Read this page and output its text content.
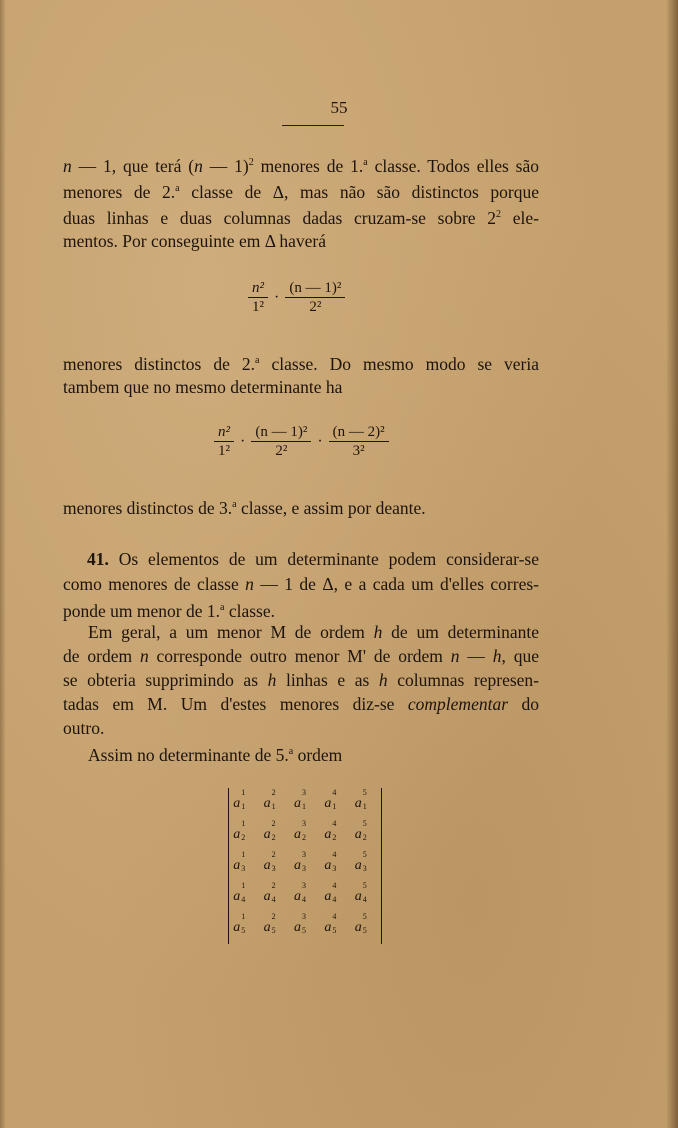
55
n — 1, que terá (n — 1)$^2$ menores de 1.$^a$ classe. Todos elles são
menores de 2.$^a$ classe de Δ, mas não são distinctos porque
duas linhas e duas columnas dadas cruzam-se sobre $2^2$ ele-
mentos. Por conseguinte em Δ haverá
$\frac{\text{n²}}{\text{1²}} \cdot \frac{\text{(n — 1)²}}{\text{2²}}$
menores distinctos de 2.$^a$ classe. Do mesmo modo se veria
tambem que no mesmo determinante ha
$\frac{\text{n²}}{\text{1²}} \cdot \frac{\text{(n — 1)²}}{\text{2²}} \cdot \frac{\text{(n — 2)²}}{\text{3²}}$
menores distinctos de 3.$^a$ classe, e assim por deante.
41. Os elementos de um determinante podem considerar-se
como menores de classe n — 1 de Δ, e a cada um d'elles corres-
ponde um menor de 1.$^a$ classe.
Em geral, a um menor M de ordem h de um determinante
de ordem n corresponde outro menor M' de ordem n — h, que
se obteria supprimindo as h linhas e as h columnas represen-
tadas em M. Um d'estes menores diz-se complementar do
outro.
Assim no determinante de 5.$^a$ ordem
a
1
1 a
2
1 a
3
1 a
4
1 a
5
1
a
1
2 a
2
2 a
3
2 a
4
2 a
5
2
a
1
3 a
2
3 a
3
3 a
4
3 a
5
3
a
1
4 a
2
4 a
3
4 a
4
4 a
5
4
a
1
5 a
2
5 a
3
5 a
4
5 a
5
5
